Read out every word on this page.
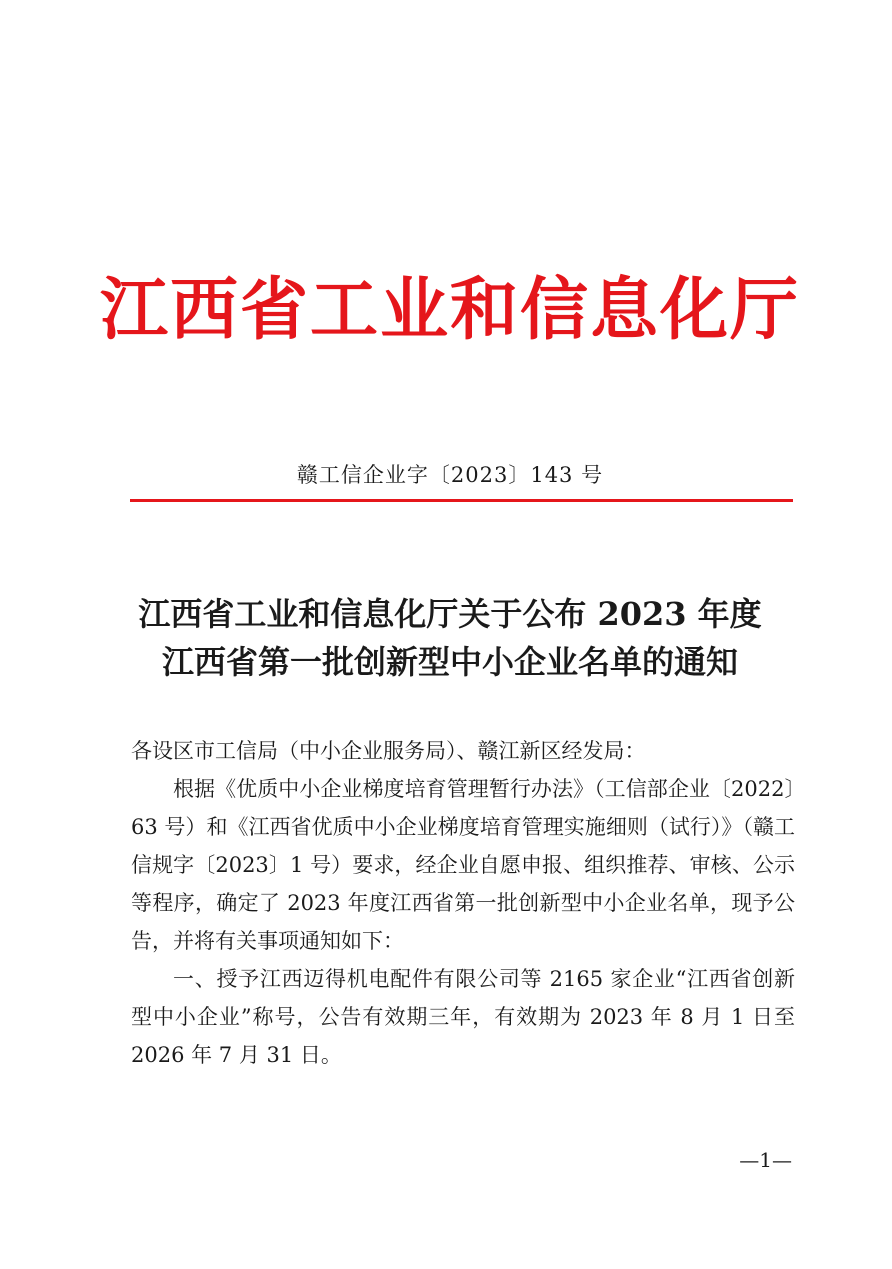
江西省工业和信息化厅
赣工信企业字〔2023〕143 号
江西省工业和信息化厅关于公布 2023 年度
江西省第一批创新型中小企业名单的通知

各设区市工信局（中小企业服务局）、赣江新区经发局：

根据《优质中小企业梯度培育管理暂行办法》（工信部企业〔2022〕63 号）和《江西省优质中小企业梯度培育管理实施细则（试行）》（赣工信规字〔2023〕1 号）要求，经企业自愿申报、组织推荐、审核、公示等程序，确定了 2023 年度江西省第一批创新型中小企业名单，现予公告，并将有关事项通知如下：

一、授予江西迈得机电配件有限公司等 2165 家企业“江西省创新型中小企业”称号，公告有效期三年，有效期为 2023 年 8 月 1 日至 2026 年 7 月 31 日。

—1—
